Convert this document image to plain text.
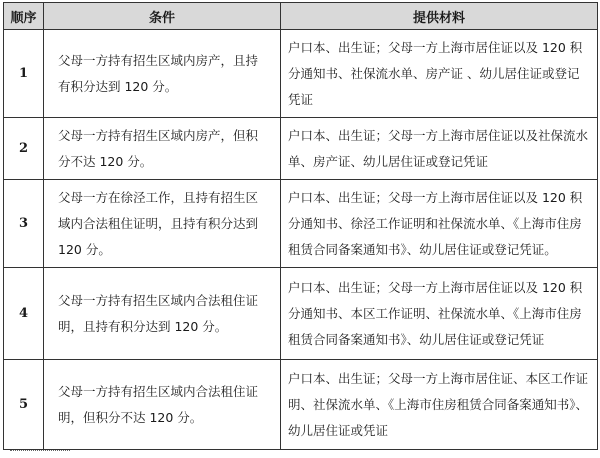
顺序	条件	提供材料
1	父母一方持有招生区域内房产，且持有积分达到 120 分。	户口本、出生证；父母一方上海市居住证以及 120 积分通知书、社保流水单、房产证 、幼儿居住证或登记凭证
2	父母一方持有招生区域内房产，但积分不达 120 分。	户口本、出生证；父母一方上海市居住证以及社保流水单、房产证、幼儿居住证或登记凭证
3	父母一方在徐泾工作，且持有招生区域内合法租住证明，且持有积分达到 120 分。	户口本、出生证；父母一方上海市居住证以及 120 积分通知书、徐泾工作证明和社保流水单、《上海市住房租赁合同备案通知书》、幼儿居住证或登记凭证。
4	父母一方持有招生区域内合法租住证明，且持有积分达到 120 分。	户口本、出生证；父母一方上海市居住证以及 120 积分通知书、本区工作证明、社保流水单、《上海市住房租赁合同备案通知书》、幼儿居住证或登记凭证
5	父母一方持有招生区域内合法租住证明，但积分不达 120 分。	户口本、出生证；父母一方上海市居住证、本区工作证明、社保流水单、《上海市住房租赁合同备案通知书》、幼儿居住证或凭证
